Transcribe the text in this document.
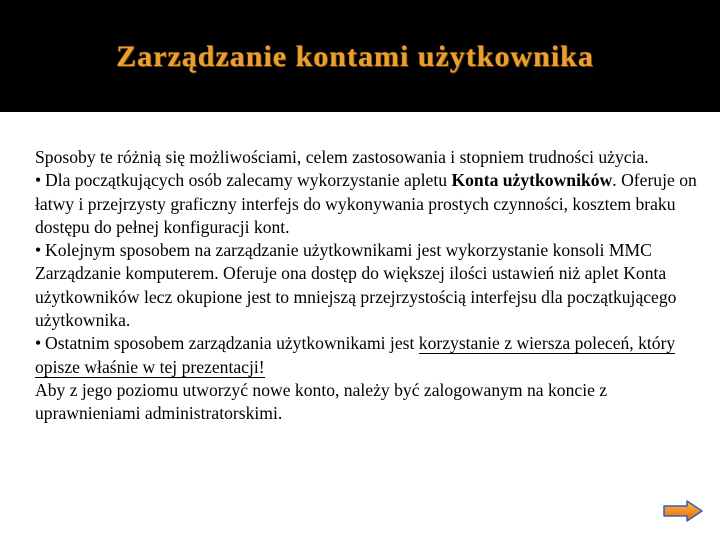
Zarządzanie kontami użytkownika

Sposoby te różnią się możliwościami, celem zastosowania i stopniem trudności użycia.

• Dla początkujących osób zalecamy wykorzystanie apletu Konta użytkowników. Oferuje on łatwy i przejrzysty graficzny interfejs do wykonywania prostych czynności, kosztem braku dostępu do pełnej konfiguracji kont.

• Kolejnym sposobem na zarządzanie użytkownikami jest wykorzystanie konsoli MMC Zarządzanie komputerem. Oferuje ona dostęp do większej ilości ustawień niż aplet Konta użytkowników lecz okupione jest to mniejszą przejrzystością interfejsu dla początkującego użytkownika.

• Ostatnim sposobem zarządzania użytkownikami jest korzystanie z wiersza poleceń, który opisze właśnie w tej prezentacji!

Aby z jego poziomu utworzyć nowe konto, należy być zalogowanym na koncie z uprawnieniami administratorskimi.
